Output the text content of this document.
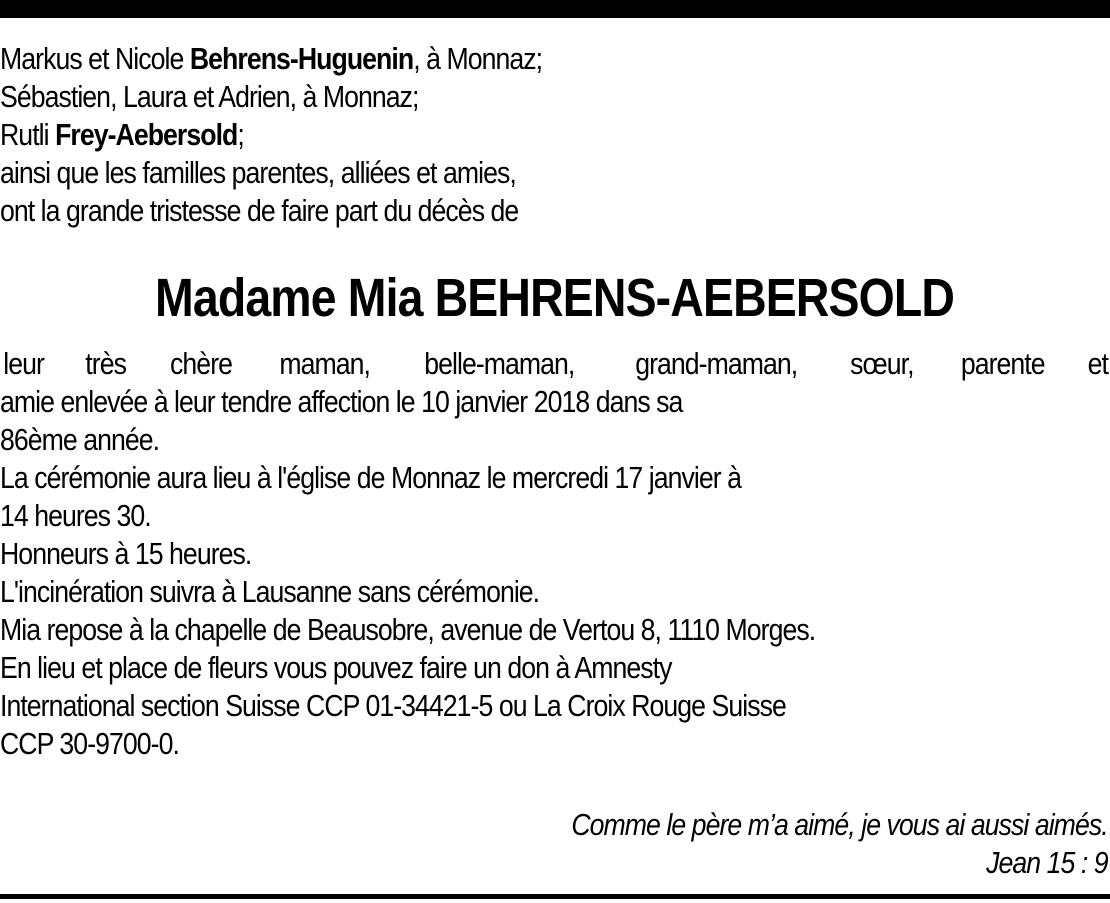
Markus et Nicole Behrens-Huguenin, à Monnaz;
Sébastien, Laura et Adrien, à Monnaz;
Rutli Frey-Aebersold;
ainsi que les familles parentes, alliées et amies,
ont la grande tristesse de faire part du décès de
Madame Mia BEHRENS-AEBERSOLD
leur très chère maman, belle-maman, grand-maman, sœur, parente et
amie enlevée à leur tendre affection le 10 janvier 2018 dans sa
86ème année.
La cérémonie aura lieu à l'église de Monnaz le mercredi 17 janvier à
14 heures 30.
Honneurs à 15 heures.
L'incinération suivra à Lausanne sans cérémonie.
Mia repose à la chapelle de Beausobre, avenue de Vertou 8, 1110 Morges.
En lieu et place de fleurs vous pouvez faire un don à Amnesty
International section Suisse CCP 01-34421-5 ou La Croix Rouge Suisse
CCP 30-9700-0.
Comme le père m’a aimé, je vous ai aussi aimés.
Jean 15 : 9
